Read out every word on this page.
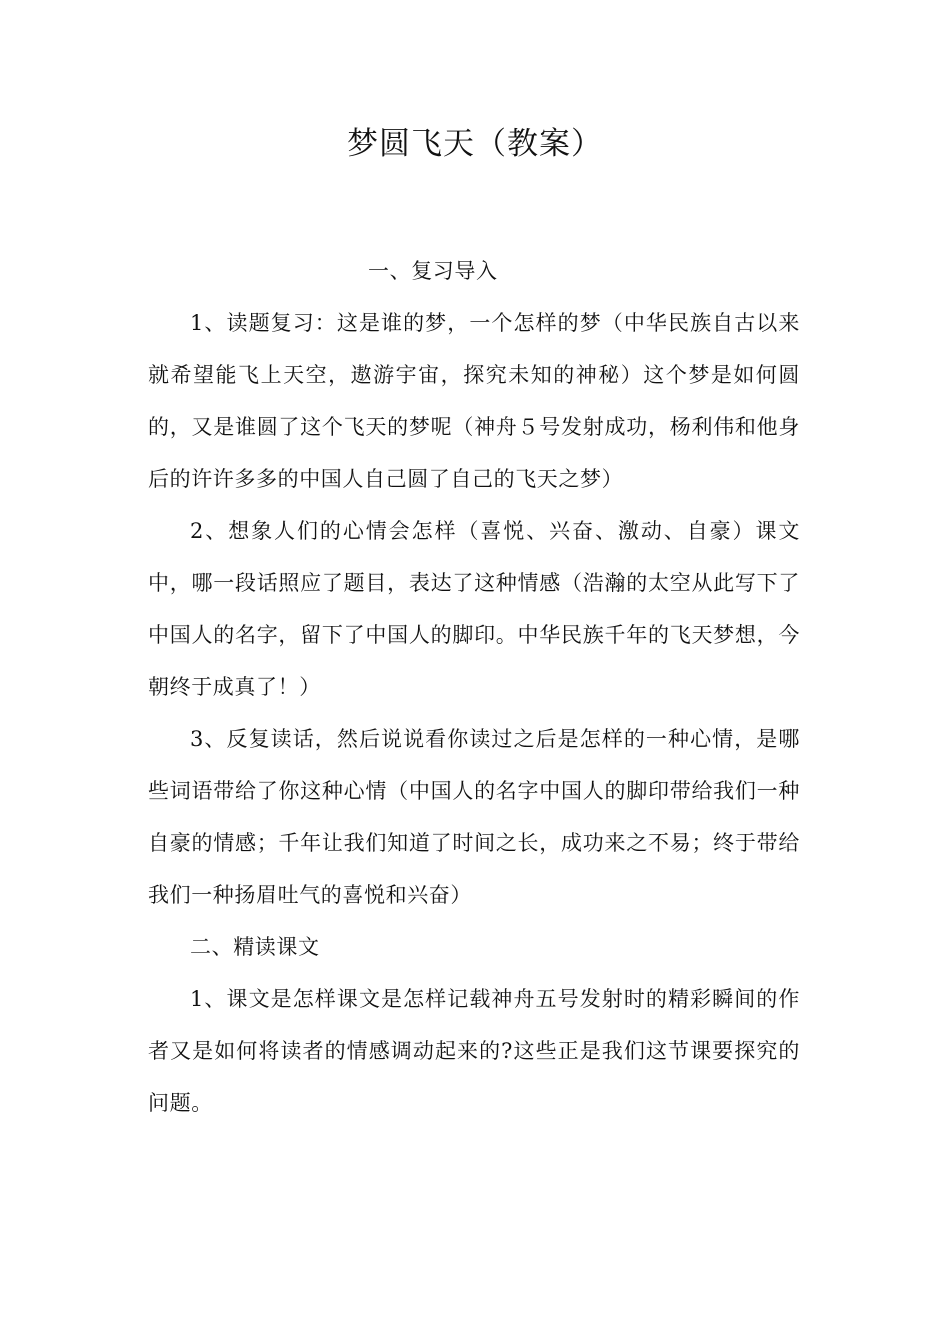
梦圆飞天（教案）

一、复习导入

1、读题复习：这是谁的梦，一个怎样的梦（中华民族自古以来就希望能飞上天空，遨游宇宙，探究未知的神秘）这个梦是如何圆的，又是谁圆了这个飞天的梦呢（神舟５号发射成功，杨利伟和他身后的许许多多的中国人自己圆了自己的飞天之梦）

2、想象人们的心情会怎样（喜悦、兴奋、激动、自豪）课文中，哪一段话照应了题目，表达了这种情感（浩瀚的太空从此写下了中国人的名字，留下了中国人的脚印。中华民族千年的飞天梦想，今朝终于成真了！）

3、反复读话，然后说说看你读过之后是怎样的一种心情，是哪些词语带给了你这种心情（中国人的名字中国人的脚印带给我们一种自豪的情感；千年让我们知道了时间之长，成功来之不易；终于带给我们一种扬眉吐气的喜悦和兴奋）

二、精读课文

1、课文是怎样课文是怎样记载神舟五号发射时的精彩瞬间的作者又是如何将读者的情感调动起来的?这些正是我们这节课要探究的问题。
